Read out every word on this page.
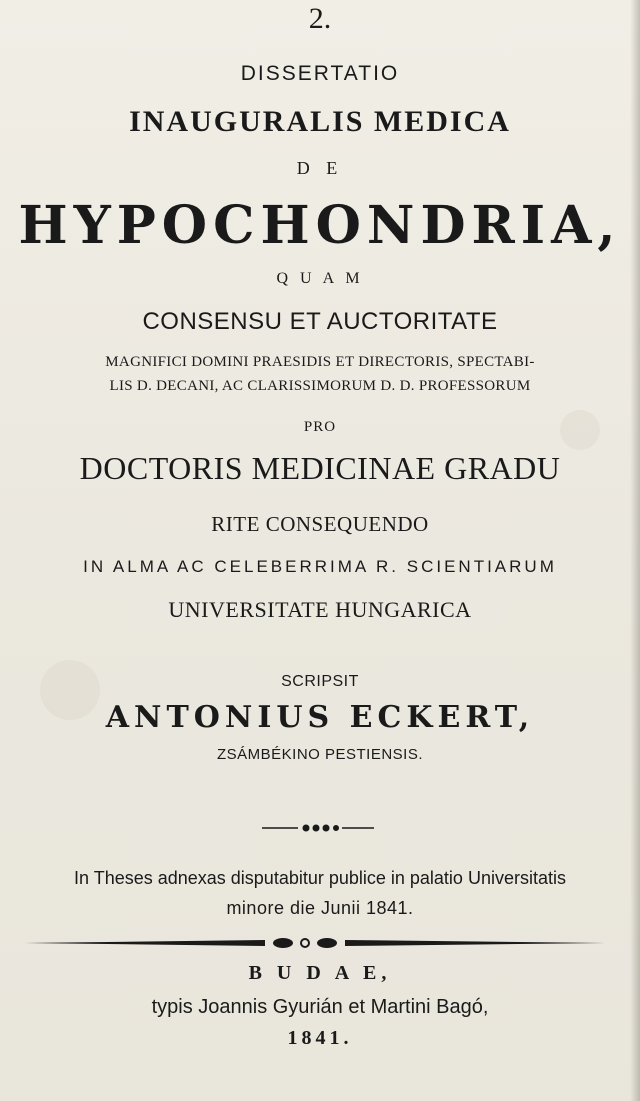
2.
DISSERTATIO
INAUGURALIS MEDICA
D E
HYPOCHONDRIA,
Q U A M
CONSENSU ET AUCTORITATE
MAGNIFICI DOMINI PRAESIDIS ET DIRECTORIS, SPECTABI-
LIS D. DECANI, AC CLARISSIMORUM D. D. PROFESSORUM
PRO
DOCTORIS MEDICINAE GRADU
RITE CONSEQUENDO
IN ALMA AC CELEBERRIMA R. SCIENTIARUM
UNIVERSITATE HUNGARICA
SCRIPSIT
ANTONIUS ECKERT,
ZSÁMBÉKINO PESTIENSIS.
In Theses adnexas disputabitur publice in palatio Universitatis
minore die Junii 1841.
B U D A E,
typis Joannis Gyurián et Martini Bagó,
1841.
